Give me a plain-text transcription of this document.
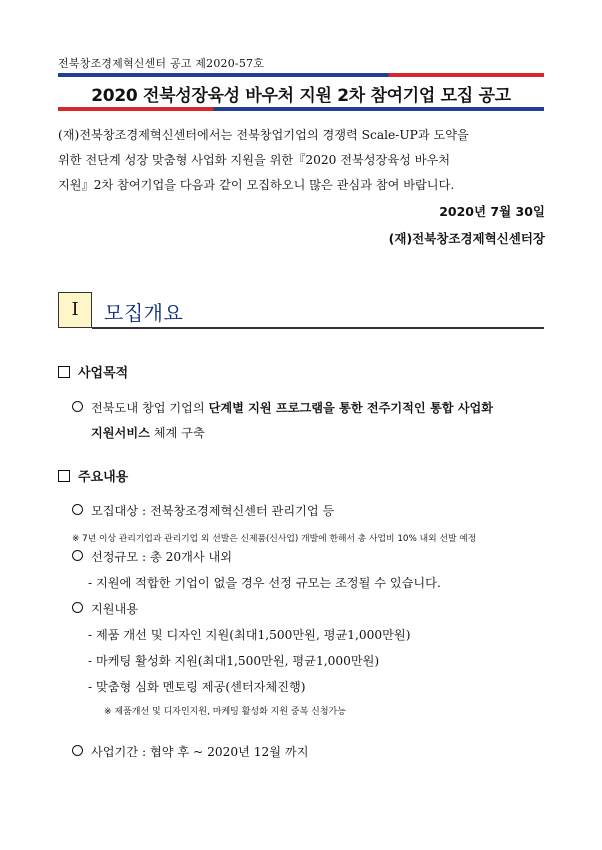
전북창조경제혁신센터 공고 제2020-57호
2020 전북성장육성 바우처 지원 2차 참여기업 모집 공고
(재)전북창조경제혁신센터에서는 전북창업기업의 경쟁력 Scale-UP과 도약을
위한 전단계 성장 맞춤형 사업화 지원을 위한『2020 전북성장육성 바우처
지원』2차 참여기업을 다음과 같이 모집하오니 많은 관심과 참여 바랍니다.
2020년 7월 30일
(재)전북창조경제혁신센터장
I	모집개요
사업목적
전북도내 창업 기업의 단계별 지원 프로그램을 통한 전주기적인 통합 사업화
지원서비스 체계 구축
주요내용
모집대상 : 전북창조경제혁신센터 관리기업 등
※ 7년 이상 관리기업과 관리기업 외 선발은 신제품(신사업) 개발에 한해서 총 사업비 10% 내외 선발 예정
선정규모 : 총 20개사 내외
- 지원에 적합한 기업이 없을 경우 선정 규모는 조정될 수 있습니다.
지원내용
- 제품 개선 및 디자인 지원(최대1,500만원, 평균1,000만원)
- 마케팅 활성화 지원(최대1,500만원, 평균1,000만원)
- 맞춤형 심화 멘토링 제공(센터자체진행)
※ 제품개선 및 디자인지원, 마케팅 활성화 지원 중복 신청가능
사업기간 : 협약 후 ~ 2020년 12월 까지
